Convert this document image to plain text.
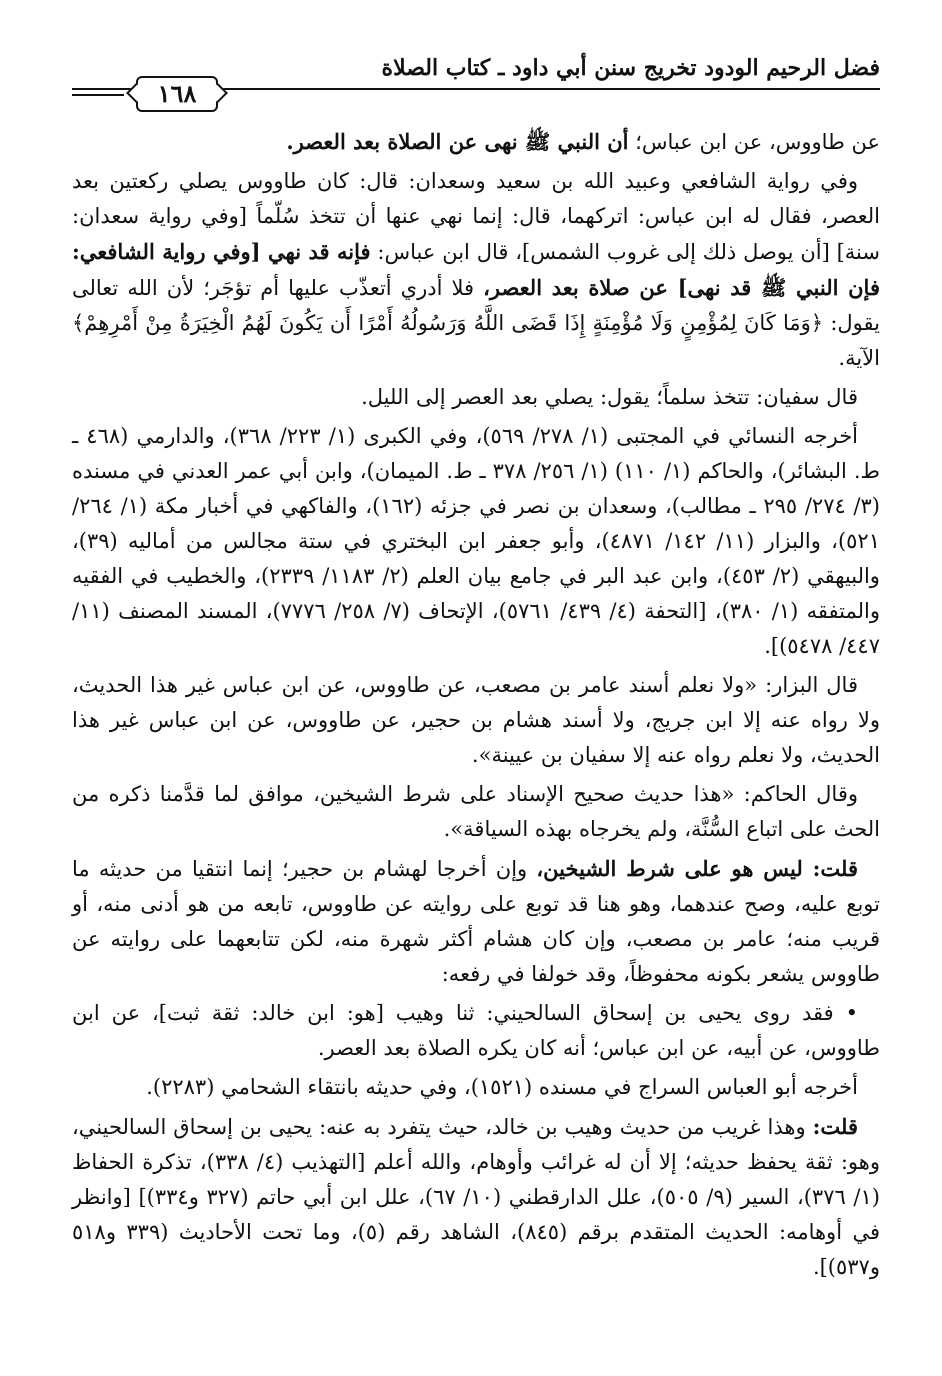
فضل الرحيم الودود تخريج سنن أبي داود ـ كتاب الصلاة
١٦٨

عن طاووس، عن ابن عباس؛ أن النبي ﷺ نهى عن الصلاة بعد العصر.

وفي رواية الشافعي وعبيد الله بن سعيد وسعدان: قال: كان طاووس يصلي ركعتين بعد العصر، فقال له ابن عباس: اتركهما، قال: إنما نهي عنها أن تتخذ سُلّماً [وفي رواية سعدان: سنة] [أن يوصل ذلك إلى غروب الشمس]، قال ابن عباس: فإنه قد نهي [وفي رواية الشافعي: فإن النبي ﷺ قد نهى] عن صلاة بعد العصر، فلا أدري أتعذّب عليها أم تؤجَر؛ لأن الله تعالى يقول: ﴿وَمَا كَانَ لِمُؤْمِنٍ وَلَا مُؤْمِنَةٍ إِذَا قَضَى اللَّهُ وَرَسُولُهُ أَمْرًا أَن يَكُونَ لَهُمُ الْخِيَرَةُ مِنْ أَمْرِهِمْ﴾ الآية.

قال سفيان: تتخذ سلماً؛ يقول: يصلي بعد العصر إلى الليل.

أخرجه النسائي في المجتبى (١/ ٢٧٨/ ٥٦٩)، وفي الكبرى (١/ ٢٢٣/ ٣٦٨)، والدارمي (٤٦٨ ـ ط. البشائر)، والحاكم (١/ ١١٠) (١/ ٢٥٦/ ٣٧٨ ـ ط. الميمان)، وابن أبي عمر العدني في مسنده (٣/ ٢٧٤/ ٢٩٥ ـ مطالب)، وسعدان بن نصر في جزئه (١٦٢)، والفاكهي في أخبار مكة (١/ ٢٦٤/ ٥٢١)، والبزار (١١/ ١٤٢/ ٤٨٧١)، وأبو جعفر ابن البختري في ستة مجالس من أماليه (٣٩)، والبيهقي (٢/ ٤٥٣)، وابن عبد البر في جامع بيان العلم (٢/ ١١٨٣/ ٢٣٣٩)، والخطيب في الفقيه والمتفقه (١/ ٣٨٠)، [التحفة (٤/ ٤٣٩/ ٥٧٦١)، الإتحاف (٧/ ٢٥٨/ ٧٧٧٦)، المسند المصنف (١١/ ٤٤٧/ ٥٤٧٨)].

قال البزار: «ولا نعلم أسند عامر بن مصعب، عن طاووس، عن ابن عباس غير هذا الحديث، ولا رواه عنه إلا ابن جريج، ولا أسند هشام بن حجير، عن طاووس، عن ابن عباس غير هذا الحديث، ولا نعلم رواه عنه إلا سفيان بن عيينة».

وقال الحاكم: «هذا حديث صحيح الإسناد على شرط الشيخين، موافق لما قدَّمنا ذكره من الحث على اتباع السُّنَّة، ولم يخرجاه بهذه السياقة».

قلت: ليس هو على شرط الشيخين، وإن أخرجا لهشام بن حجير؛ إنما انتقيا من حديثه ما توبع عليه، وصح عندهما، وهو هنا قد توبع على روايته عن طاووس، تابعه من هو أدنى منه، أو قريب منه؛ عامر بن مصعب، وإن كان هشام أكثر شهرة منه، لكن تتابعهما على روايته عن طاووس يشعر بكونه محفوظاً، وقد خولفا في رفعه:

• فقد روى يحيى بن إسحاق السالحيني: ثنا وهيب [هو: ابن خالد: ثقة ثبت]، عن ابن طاووس، عن أبيه، عن ابن عباس؛ أنه كان يكره الصلاة بعد العصر.

أخرجه أبو العباس السراج في مسنده (١٥٢١)، وفي حديثه بانتقاء الشحامي (٢٢٨٣).

قلت: وهذا غريب من حديث وهيب بن خالد، حيث يتفرد به عنه: يحيى بن إسحاق السالحيني، وهو: ثقة يحفظ حديثه؛ إلا أن له غرائب وأوهام، والله أعلم [التهذيب (٤/ ٣٣٨)، تذكرة الحفاظ (١/ ٣٧٦)، السير (٩/ ٥٠٥)، علل الدارقطني (١٠/ ٦٧)، علل ابن أبي حاتم (٣٢٧ و٣٣٤)] [وانظر في أوهامه: الحديث المتقدم برقم (٨٤٥)، الشاهد رقم (٥)، وما تحت الأحاديث (٣٣٩ و٥١٨ و٥٣٧)].
